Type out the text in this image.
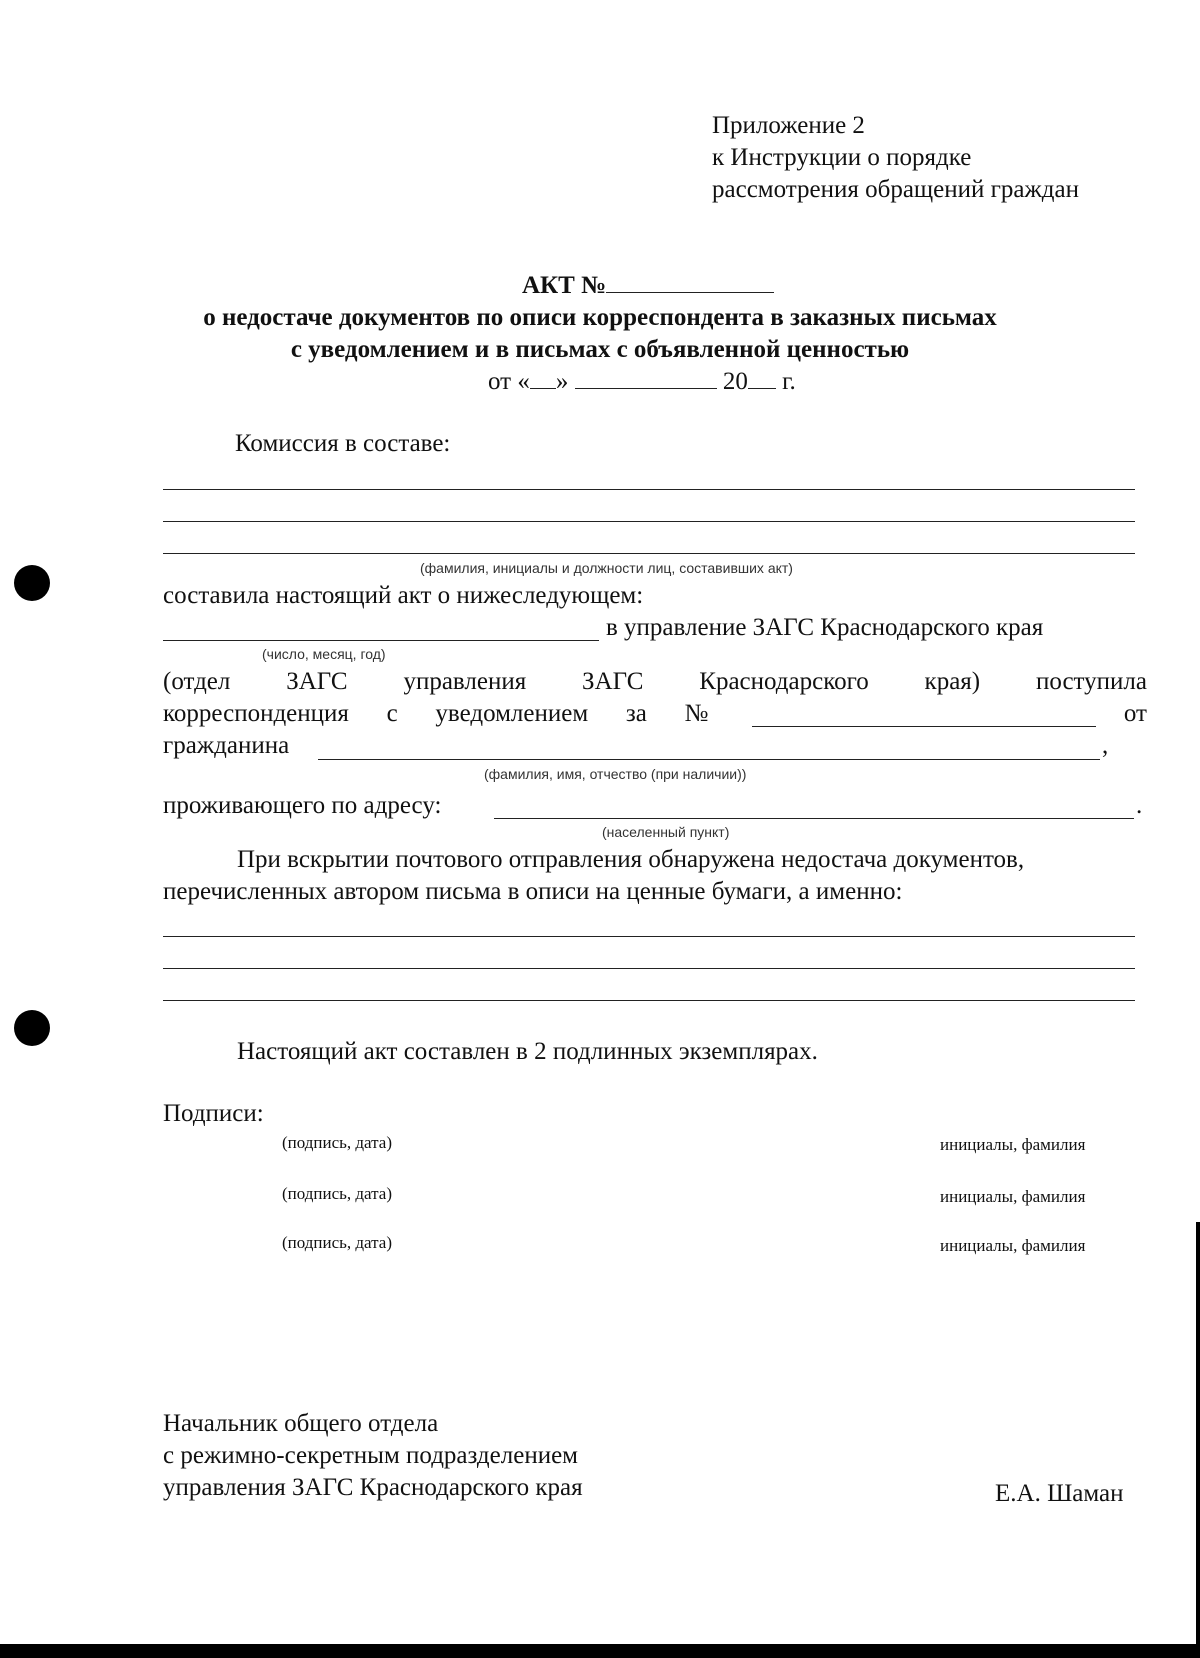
Приложение 2
к Инструкции о порядке
рассмотрения обращений граждан
АКТ №
о недостаче документов по описи корреспондента в заказных письмах
с уведомлением и в письмах с объявленной ценностью
от « »	20 г.
Комиссия в составе:
(фамилия, инициалы и должности лиц, составивших акт)
составила настоящий акт о нижеследующем:
в управление ЗАГС Краснодарского края
(число, месяц, год)
(отдел ЗАГС управления ЗАГС Краснодарского края) поступила
корреспонденция с уведомлением за №	от
гражданина	,
(фамилия, имя, отчество (при наличии))
проживающего по адресу:	.
(населенный пункт)
При вскрытии почтового отправления обнаружена недостача документов,
перечисленных автором письма в описи на ценные бумаги, а именно:
Настоящий акт составлен в 2 подлинных экземплярах.
Подписи:
(подпись, дата)	инициалы, фамилия
(подпись, дата)	инициалы, фамилия
(подпись, дата)	инициалы, фамилия
Начальник общего отдела
с режимно-секретным подразделением
управления ЗАГС Краснодарского края	Е.А. Шаман
